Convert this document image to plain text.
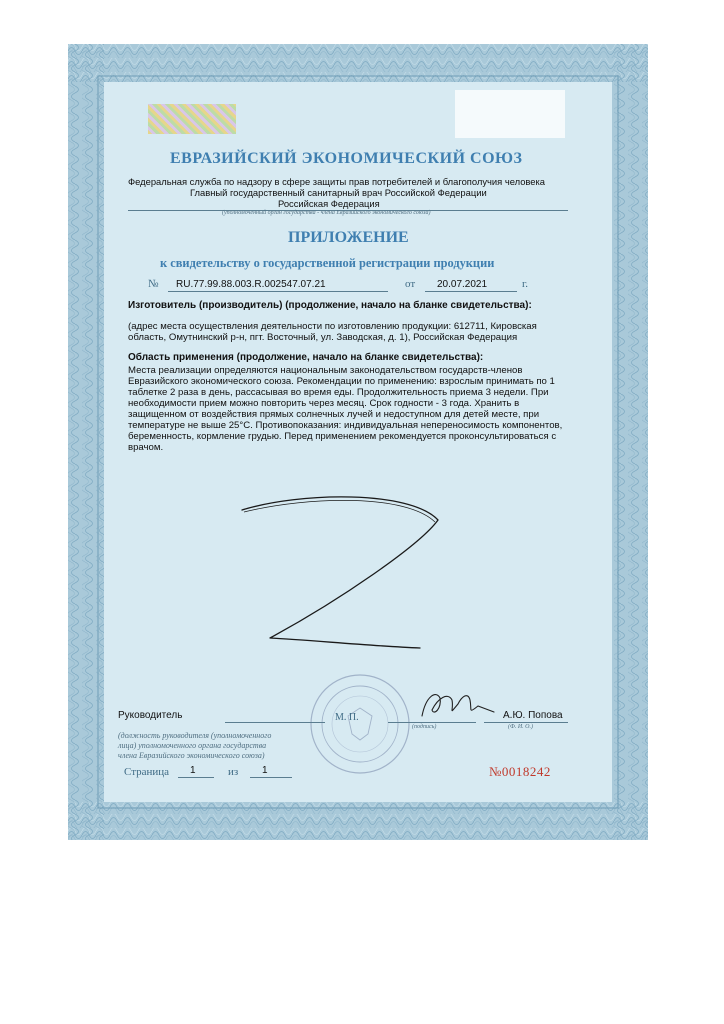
ЕВРАЗИЙСКИЙ ЭКОНОМИЧЕСКИЙ СОЮЗ
Федеральная служба по надзору в сфере защиты прав потребителей и благополучия человека
Главный государственный санитарный врач Российской Федерации
Российская Федерация
(уполномоченный орган государства - члена Евразийского экономического союза)
ПРИЛОЖЕНИЕ
к свидетельству о государственной регистрации продукции
№ RU.77.99.88.003.R.002547.07.21	от 20.07.2021	г.
Изготовитель (производитель) (продолжение, начало на бланке свидетельства):
(адрес места осуществления деятельности по изготовлению продукции: 612711, Кировская
область, Омутнинский р-н, пгт. Восточный, ул. Заводская, д. 1), Российская Федерация
Область применения (продолжение, начало на бланке свидетельства):
Места реализации определяются национальным законодательством государств-членов
Евразийского экономического союза. Рекомендации по применению: взрослым принимать по 1
таблетке 2 раза в день, рассасывая во время еды. Продолжительность приема 3 недели. При
необходимости прием можно повторить через месяц. Срок годности - 3 года. Хранить в
защищенном от воздействия прямых солнечных лучей и недоступном для детей месте, при
температуре не выше 25°С. Противопоказания: индивидуальная непереносимость компонентов,
беременность, кормление грудью. Перед применением рекомендуется проконсультироваться с
врачом.
Руководитель	М. П.	А.Ю. Попова
(подпись)	(Ф. И. О.)
(должность руководителя (уполномоченного
лица) уполномоченного органа государства
члена Евразийского экономического союза)
Страница 1	из 1	№0018242
